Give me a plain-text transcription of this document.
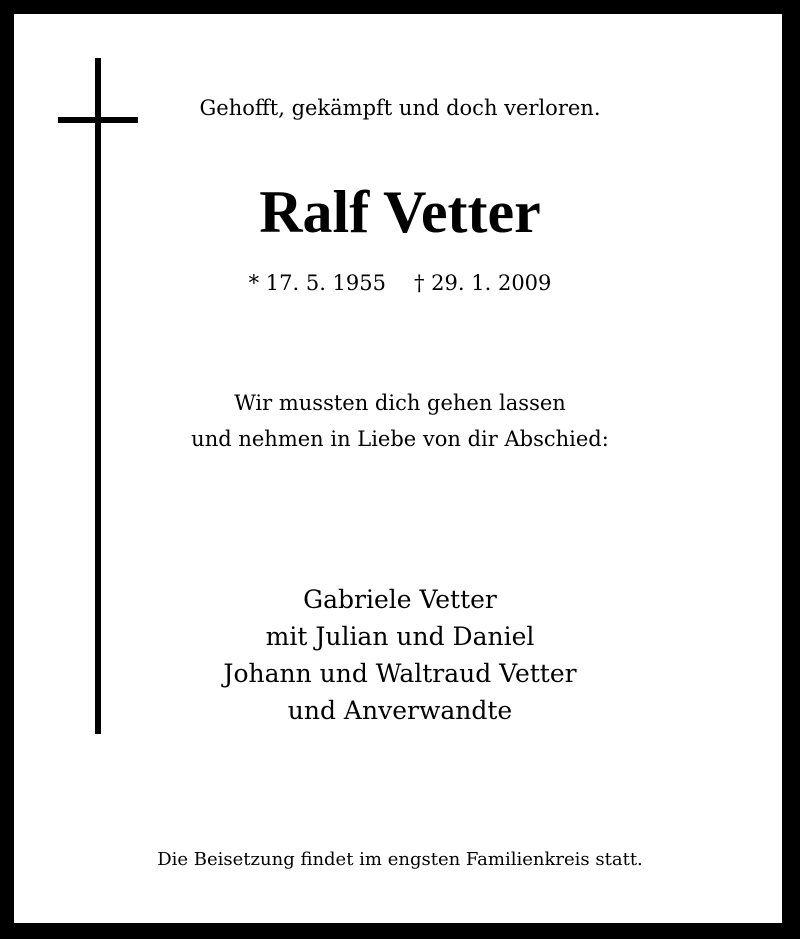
Gehofft, gekämpft und doch verloren.
Ralf Vetter
* 17. 5. 1955 † 29. 1. 2009
Wir mussten dich gehen lassen
und nehmen in Liebe von dir Abschied:
Gabriele Vetter
mit Julian und Daniel
Johann und Waltraud Vetter
und Anverwandte
Die Beisetzung findet im engsten Familienkreis statt.
